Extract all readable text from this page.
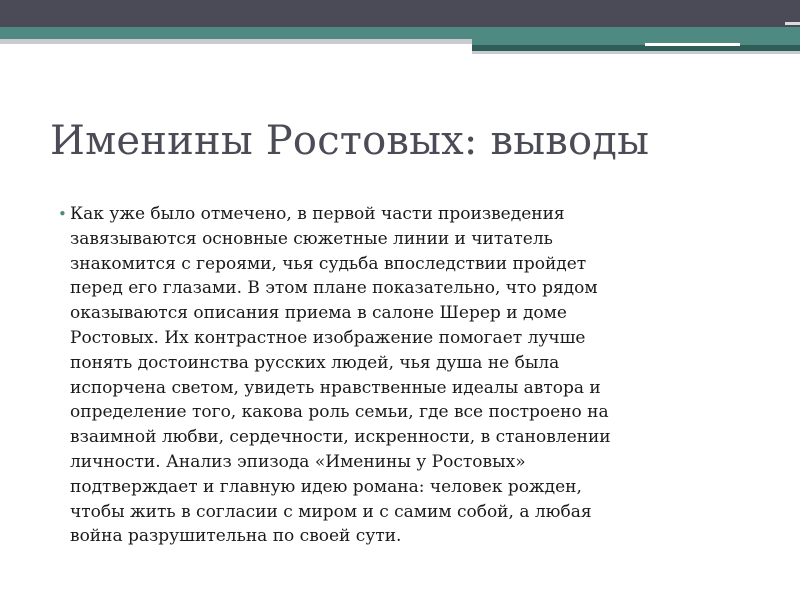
Именины Ростовых: выводы
• Как уже было отмечено, в первой части произведения
завязываются основные сюжетные линии и читатель
знакомится с героями, чья судьба впоследствии пройдет
перед его глазами. В этом плане показательно, что рядом
оказываются описания приема в салоне Шерер и доме
Ростовых. Их контрастное изображение помогает лучше
понять достоинства русских людей, чья душа не была
испорчена светом, увидеть нравственные идеалы автора и
определение того, какова роль семьи, где все построено на
взаимной любви, сердечности, искренности, в становлении
личности. Анализ эпизода «Именины у Ростовых»
подтверждает и главную идею романа: человек рожден,
чтобы жить в согласии с миром и с самим собой, а любая
война разрушительна по своей сути.
